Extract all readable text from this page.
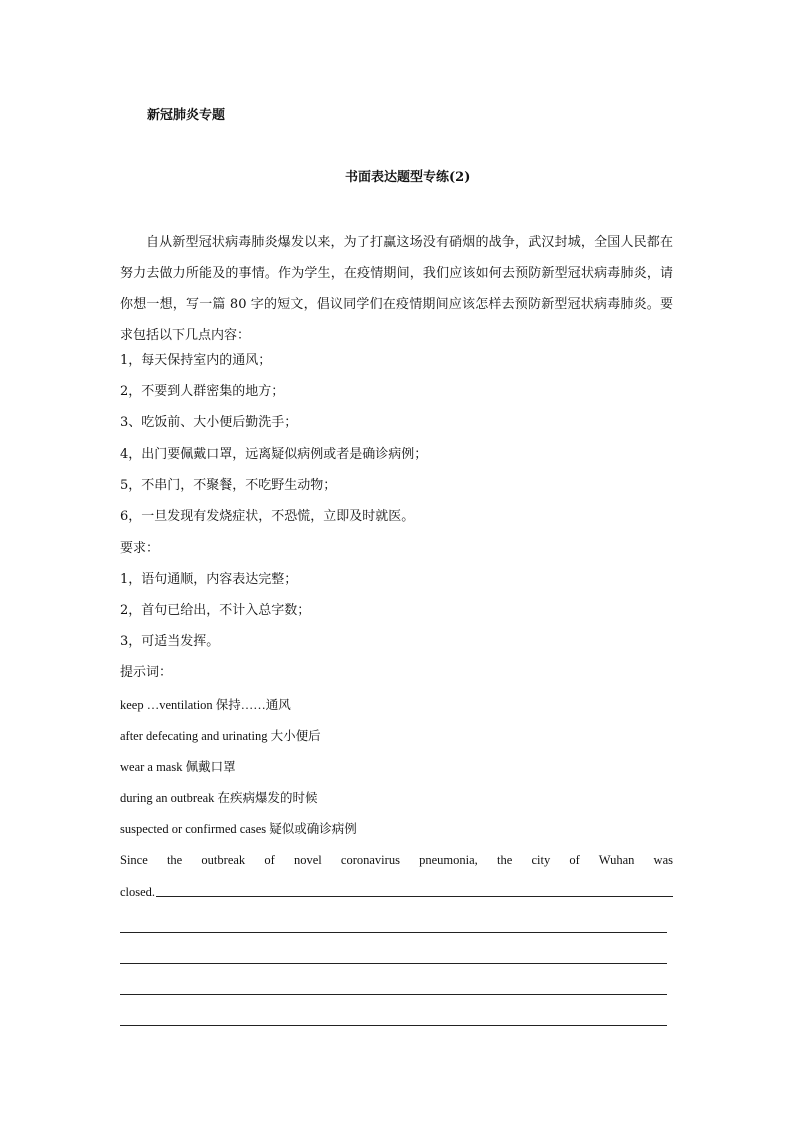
新冠肺炎专题
书面表达题型专练(2)
自从新型冠状病毒肺炎爆发以来，为了打赢这场没有硝烟的战争，武汉封城，全国人民都在努力去做力所能及的事情。作为学生，在疫情期间，我们应该如何去预防新型冠状病毒肺炎，请你想一想，写一篇 80 字的短文，倡议同学们在疫情期间应该怎样去预防新型冠状病毒肺炎。要求包括以下几点内容：
1，每天保持室内的通风；
2，不要到人群密集的地方；
3、吃饭前、大小便后勤洗手；
4，出门要佩戴口罩，远离疑似病例或者是确诊病例；
5，不串门，不聚餐，不吃野生动物；
6，一旦发现有发烧症状，不恐慌，立即及时就医。
要求：
1，语句通顺，内容表达完整；
2，首句已给出，不计入总字数；
3，可适当发挥。
提示词：
keep …ventilation 保持……通风
after defecating and urinating 大小便后
wear a mask 佩戴口罩
during an outbreak 在疾病爆发的时候
suspected or confirmed cases 疑似或确诊病例
Since the outbreak of novel coronavirus pneumonia, the city of Wuhan was
closed.
